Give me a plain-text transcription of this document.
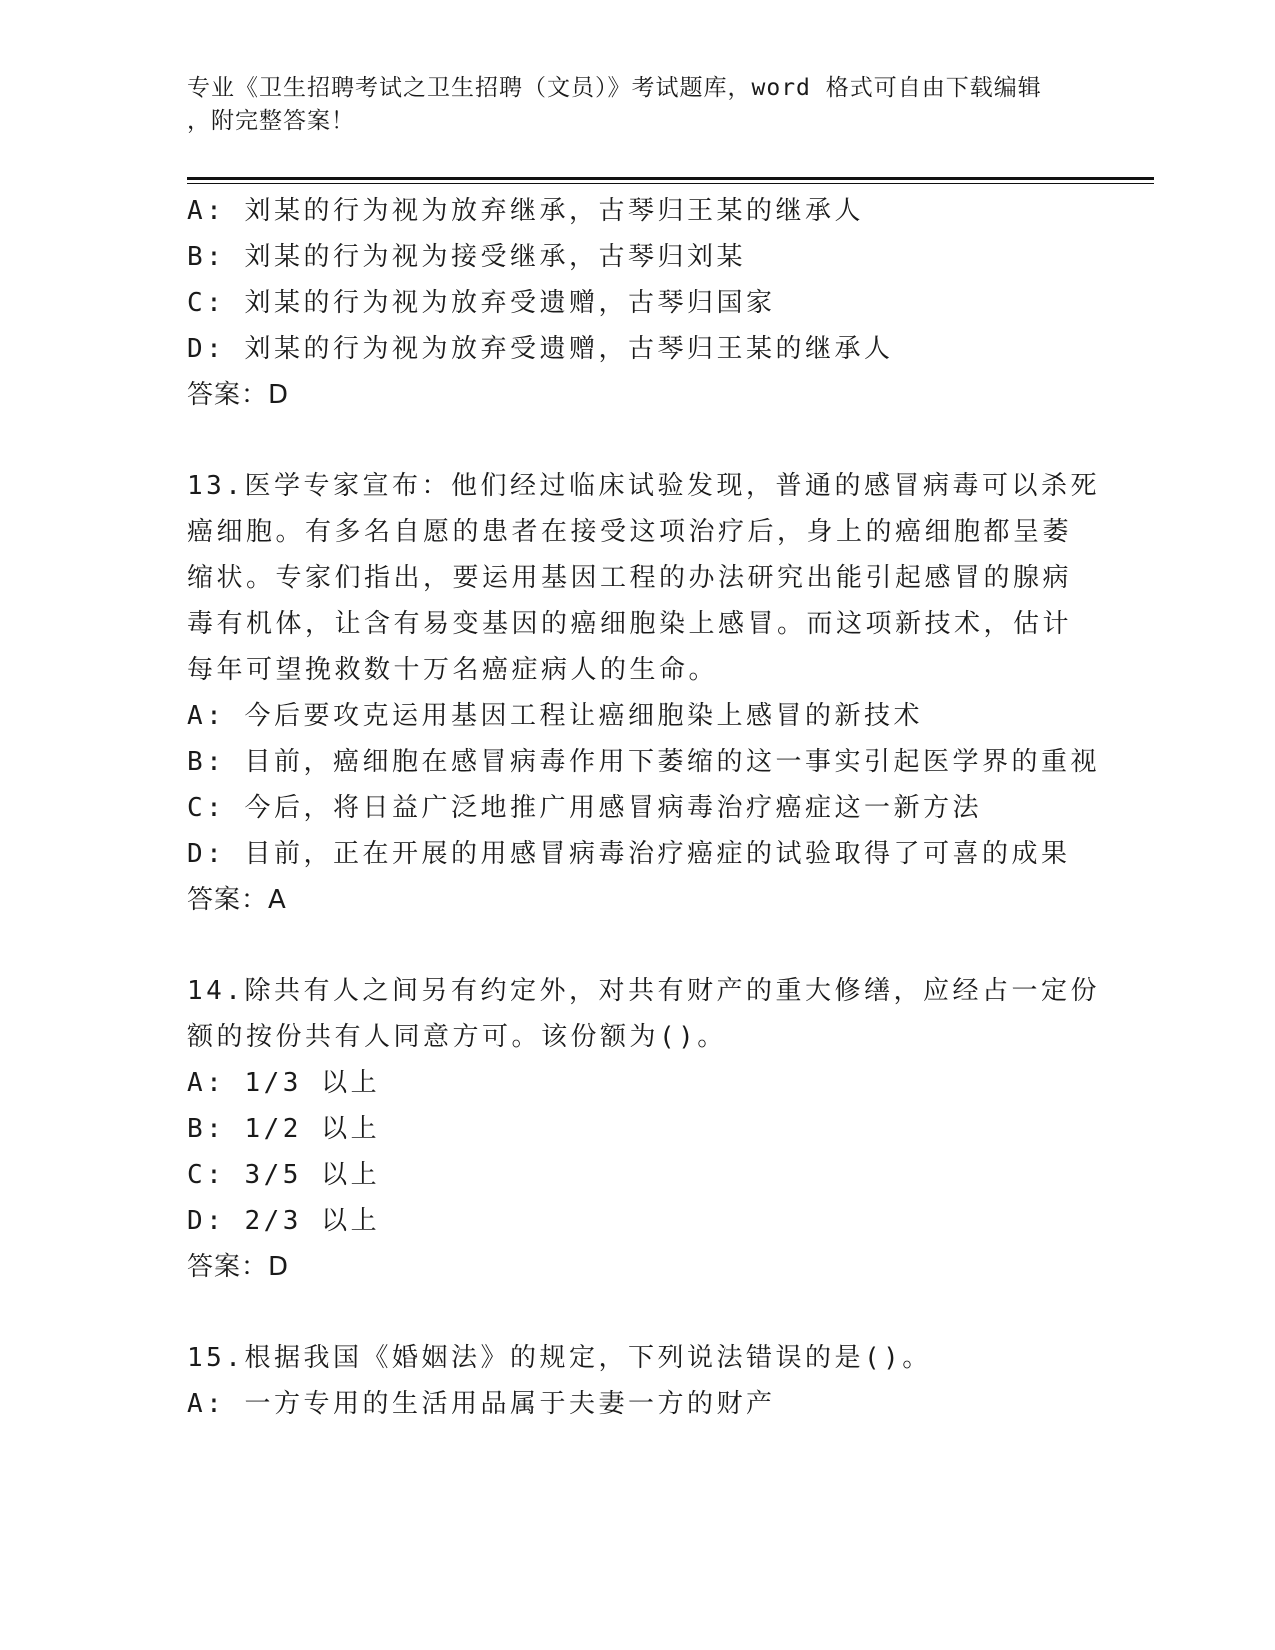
专业《卫生招聘考试之卫生招聘（文员）》考试题库，word 格式可自由下载编辑
，附完整答案！
A: 刘某的行为视为放弃继承，古琴归王某的继承人
B: 刘某的行为视为接受继承，古琴归刘某
C: 刘某的行为视为放弃受遗赠，古琴归国家
D: 刘某的行为视为放弃受遗赠，古琴归王某的继承人
答案：D
13.医学专家宣布：他们经过临床试验发现，普通的感冒病毒可以杀死
癌细胞。有多名自愿的患者在接受这项治疗后，身上的癌细胞都呈萎
缩状。专家们指出，要运用基因工程的办法研究出能引起感冒的腺病
毒有机体，让含有易变基因的癌细胞染上感冒。而这项新技术，估计
每年可望挽救数十万名癌症病人的生命。
A: 今后要攻克运用基因工程让癌细胞染上感冒的新技术
B: 目前，癌细胞在感冒病毒作用下萎缩的这一事实引起医学界的重视
C: 今后，将日益广泛地推广用感冒病毒治疗癌症这一新方法
D: 目前，正在开展的用感冒病毒治疗癌症的试验取得了可喜的成果
答案：A
14.除共有人之间另有约定外，对共有财产的重大修缮，应经占一定份
额的按份共有人同意方可。该份额为()。
A: 1/3 以上
B: 1/2 以上
C: 3/5 以上
D: 2/3 以上
答案：D
15.根据我国《婚姻法》的规定，下列说法错误的是()。
A: 一方专用的生活用品属于夫妻一方的财产
